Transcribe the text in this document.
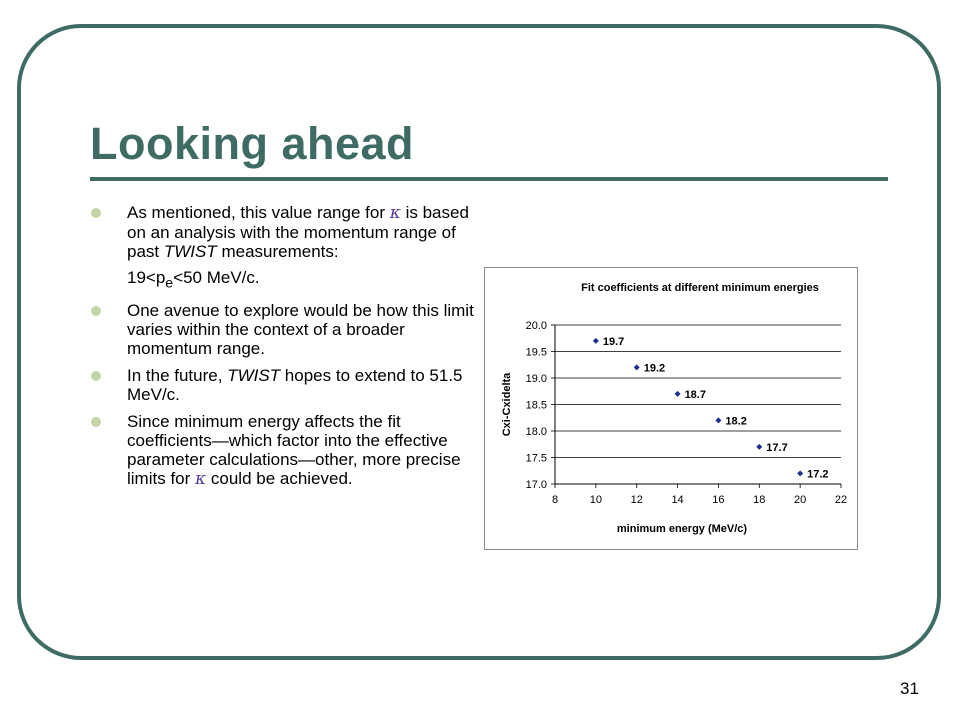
Looking ahead
As mentioned, this value range for κ is based on an analysis with the momentum range of past TWIST measurements:
$19<p_e<50$ MeV/c.
One avenue to explore would be how this limit varies within the context of a broader momentum range.
In the future, TWIST hopes to extend to 51.5 MeV/c.
Since minimum energy affects the fit coefficients—which factor into the effective parameter calculations—other, more precise limits for κ could be achieved.
Fit coefficients at different minimum energies
17.0
17.5
18.0
18.5
19.0
19.5
20.0
8	10	12	14	16	18	20	22
minimum energy (MeV/c)
Cxi-Cxidelta
19.7
19.2
18.7
18.2
17.7
17.2
31
